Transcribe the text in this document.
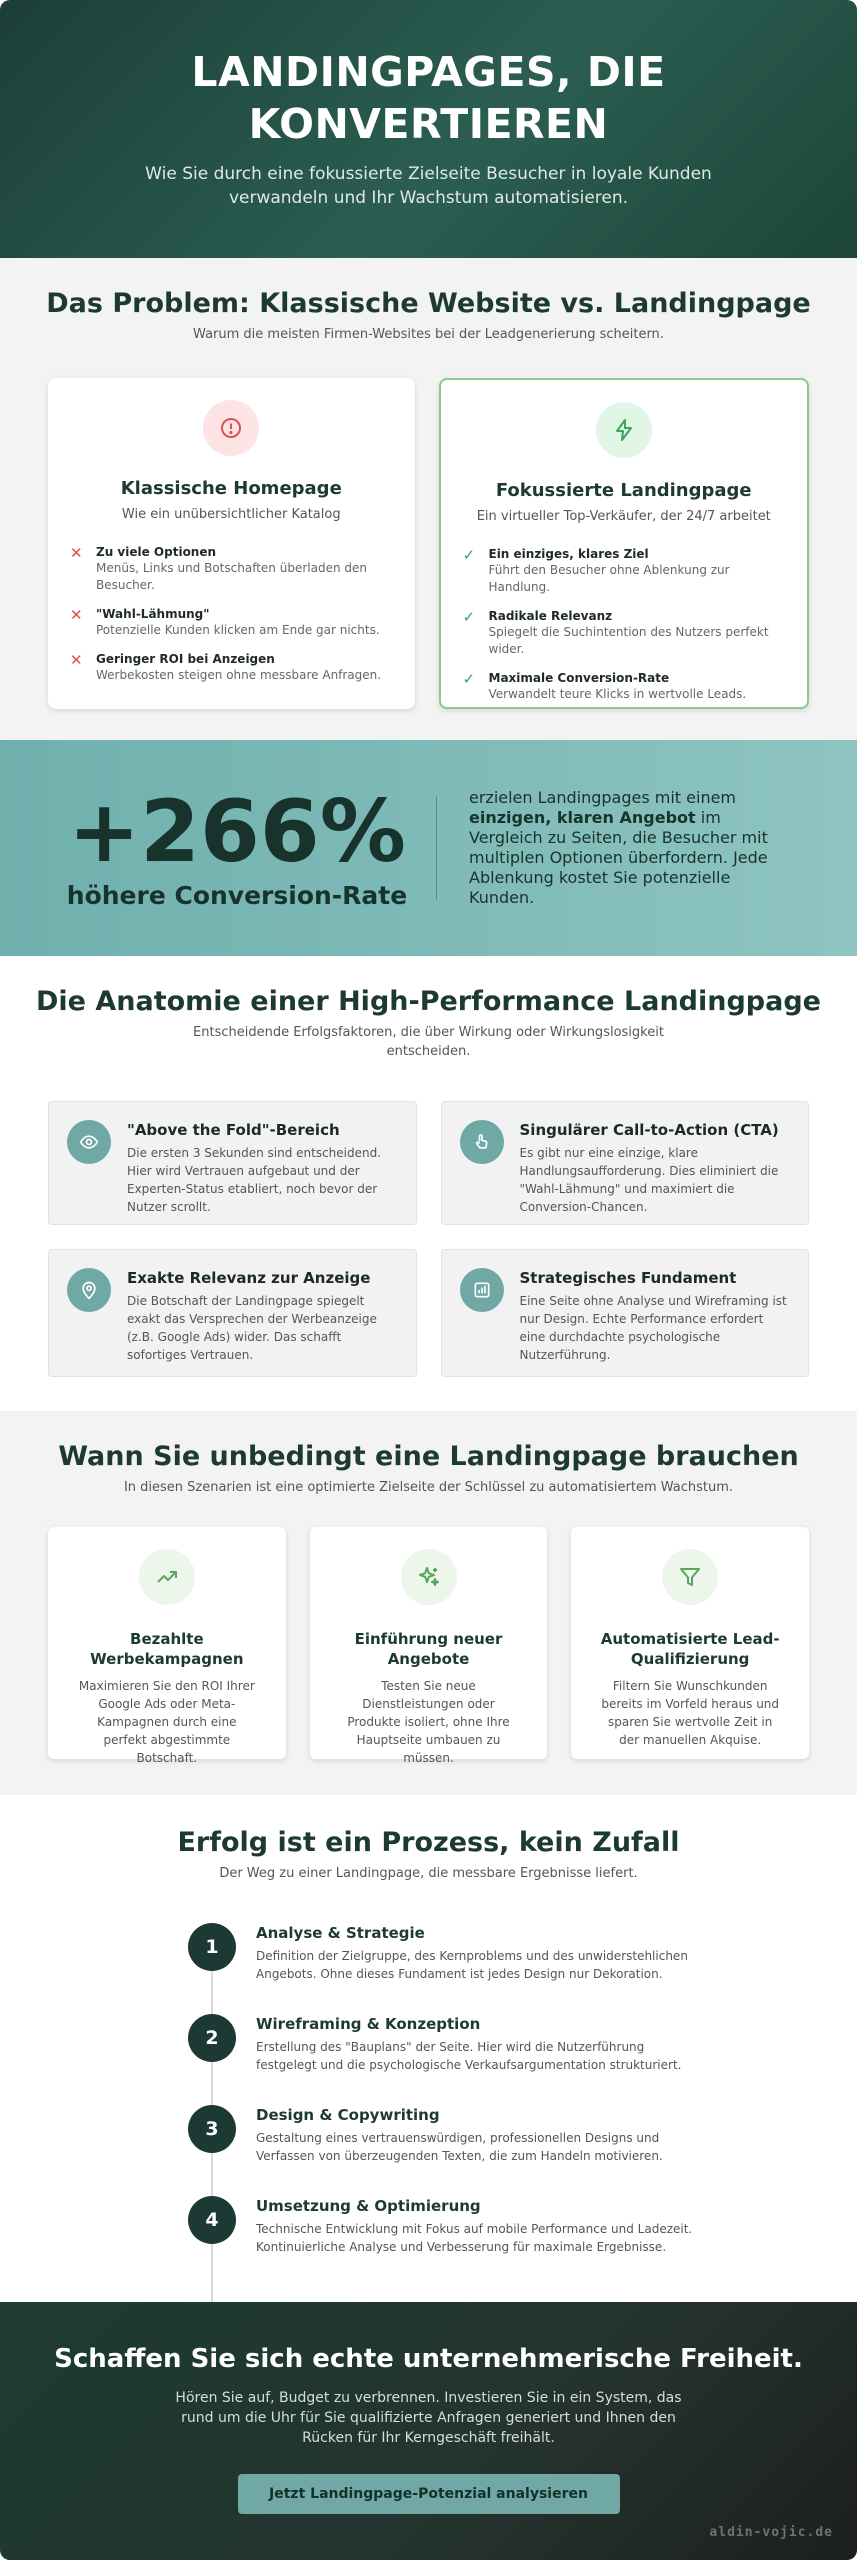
LANDINGPAGES, DIE
KONVERTIEREN

Wie Sie durch eine fokussierte Zielseite Besucher in loyale Kunden
verwandeln und Ihr Wachstum automatisieren.

Das Problem: Klassische Website vs. Landingpage

Warum die meisten Firmen-Websites bei der Leadgenerierung scheitern.

Klassische Homepage
Wie ein unübersichtlicher Katalog
✕ Zu viele Optionen
Menüs, Links und Botschaften überladen den Besucher.
✕ "Wahl-Lähmung"
Potenzielle Kunden klicken am Ende gar nichts.
✕ Geringer ROI bei Anzeigen
Werbekosten steigen ohne messbare Anfragen.
Fokussierte Landingpage
Ein virtueller Top-Verkäufer, der 24/7 arbeitet
✓ Ein einziges, klares Ziel
Führt den Besucher ohne Ablenkung zur Handlung.
✓ Radikale Relevanz
Spiegelt die Suchintention des Nutzers perfekt wider.
✓ Maximale Conversion-Rate
Verwandelt teure Klicks in wertvolle Leads.
+266%
höhere Conversion-Rate

erzielen Landingpages mit einem einzigen, klaren Angebot im Vergleich zu Seiten, die Besucher mit multiplen Optionen überfordern. Jede Ablenkung kostet Sie potenzielle Kunden.

Die Anatomie einer High-Performance Landingpage

Entscheidende Erfolgsfaktoren, die über Wirkung oder Wirkungslosigkeit
entscheiden.

"Above the Fold"-Bereich

Die ersten 3 Sekunden sind entscheidend. Hier wird Vertrauen aufgebaut und der Experten-Status etabliert, noch bevor der Nutzer scrollt.

Singulärer Call-to-Action (CTA)

Es gibt nur eine einzige, klare Handlungsaufforderung. Dies eliminiert die "Wahl-Lähmung" und maximiert die Conversion-Chancen.

Exakte Relevanz zur Anzeige

Die Botschaft der Landingpage spiegelt exakt das Versprechen der Werbeanzeige (z.B. Google Ads) wider. Das schafft sofortiges Vertrauen.

Strategisches Fundament

Eine Seite ohne Analyse und Wireframing ist nur Design. Echte Performance erfordert eine durchdachte psychologische Nutzerführung.

Wann Sie unbedingt eine Landingpage brauchen

In diesen Szenarien ist eine optimierte Zielseite der Schlüssel zu automatisiertem Wachstum.

Bezahlte Werbekampagnen

Maximieren Sie den ROI Ihrer Google Ads oder Meta-Kampagnen durch eine perfekt abgestimmte Botschaft.

Einführung neuer Angebote

Testen Sie neue Dienstleistungen oder Produkte isoliert, ohne Ihre Hauptseite umbauen zu müssen.

Automatisierte Lead-Qualifizierung

Filtern Sie Wunschkunden bereits im Vorfeld heraus und sparen Sie wertvolle Zeit in der manuellen Akquise.

Erfolg ist ein Prozess, kein Zufall

Der Weg zu einer Landingpage, die messbare Ergebnisse liefert.

1
Analyse & Strategie

Definition der Zielgruppe, des Kernproblems und des unwiderstehlichen Angebots. Ohne dieses Fundament ist jedes Design nur Dekoration.

2
Wireframing & Konzeption

Erstellung des "Bauplans" der Seite. Hier wird die Nutzerführung festgelegt und die psychologische Verkaufsargumentation strukturiert.

3
Design & Copywriting

Gestaltung eines vertrauenswürdigen, professionellen Designs und Verfassen von überzeugenden Texten, die zum Handeln motivieren.

4
Umsetzung & Optimierung

Technische Entwicklung mit Fokus auf mobile Performance und Ladezeit. Kontinuierliche Analyse und Verbesserung für maximale Ergebnisse.

Schaffen Sie sich echte unternehmerische Freiheit.

Hören Sie auf, Budget zu verbrennen. Investieren Sie in ein System, das rund um die Uhr für Sie qualifizierte Anfragen generiert und Ihnen den Rücken für Ihr Kerngeschäft freihält.

Jetzt Landingpage-Potenzial analysieren
aldin-vojic.de
